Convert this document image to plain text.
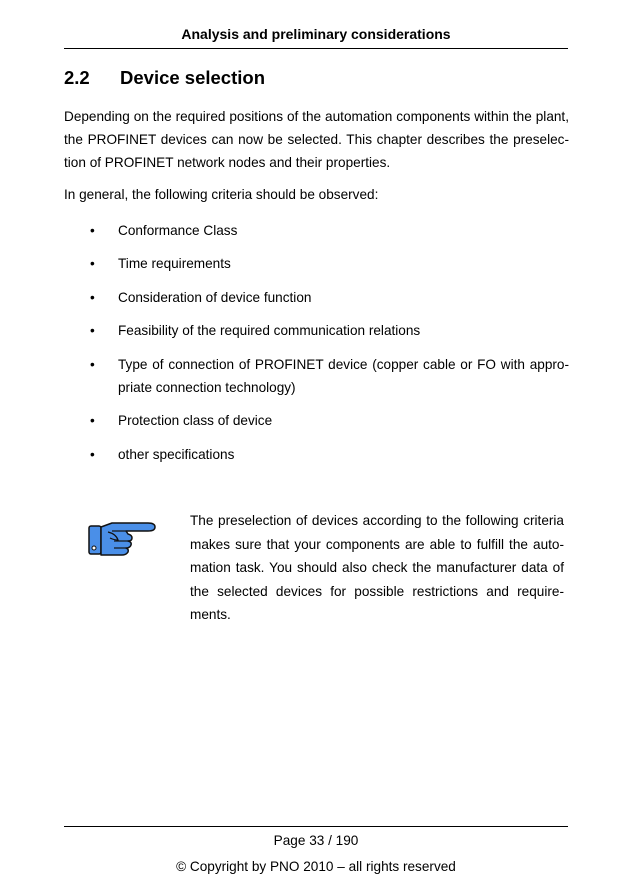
Analysis and preliminary considerations
2.2 Device selection
Depending on the required positions of the automation components within the plant,
the PROFINET devices can now be selected. This chapter describes the preselec-
tion of PROFINET network nodes and their properties.
In general, the following criteria should be observed:
• Conformance Class
• Time requirements
• Consideration of device function
• Feasibility of the required communication relations
• Type of connection of PROFINET device (copper cable or FO with appro-
priate connection technology)
• Protection class of device
• other specifications
The preselection of devices according to the following criteria
makes sure that your components are able to fulfill the auto-
mation task. You should also check the manufacturer data of
the selected devices for possible restrictions and require-
ments.
Page 33 / 190
© Copyright by PNO 2010 – all rights reserved
